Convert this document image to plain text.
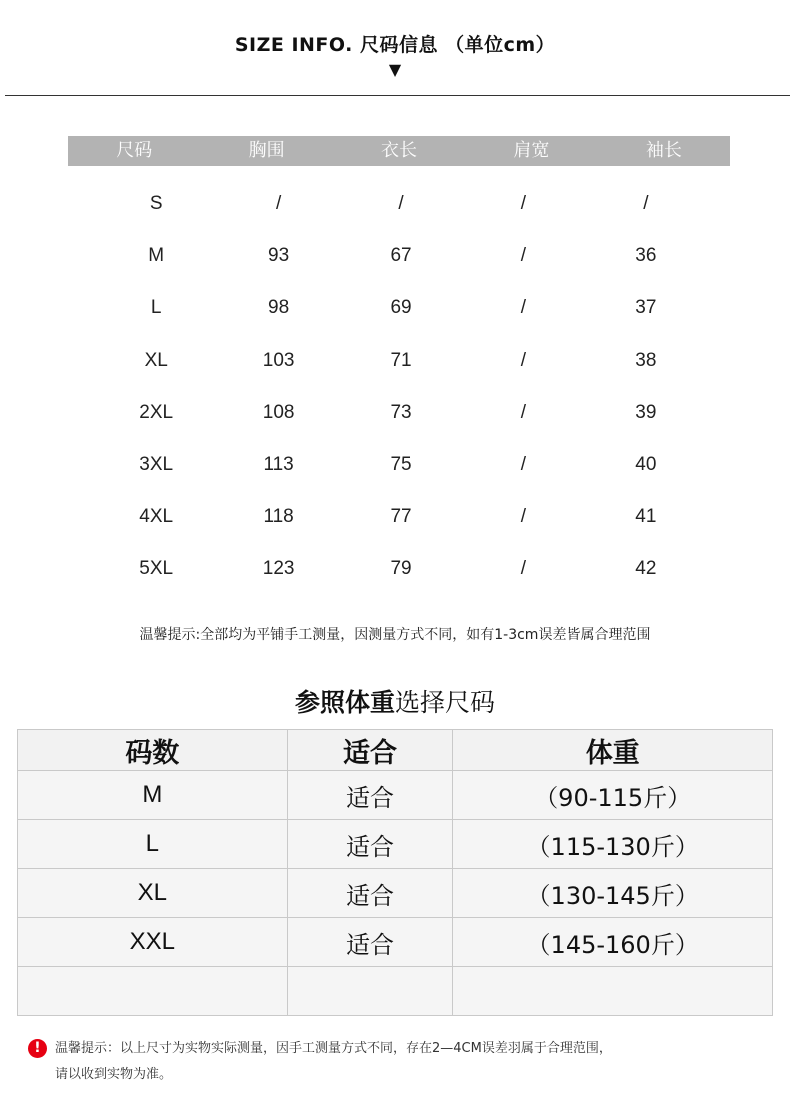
SIZE INFO. 尺码信息 （单位cm）
▼
尺码	胸围	衣长	肩宽	袖长
S	/	/	/	/
M	93	67	/	36
L	98	69	/	37
XL	103	71	/	38
2XL	108	73	/	39
3XL	113	75	/	40
4XL	118	77	/	41
5XL	123	79	/	42
温馨提示:全部均为平铺手工测量，因测量方式不同，如有1-3cm误差皆属合理范围
参照体重选择尺码
码数	适合	体重
M	适合	（90-115斤）
L	适合	（115-130斤）
XL	适合	（130-145斤）
XXL	适合	（145-160斤）

! 温馨提示：以上尺寸为实物实际测量，因手工测量方式不同，存在2—4CM误差羽属于合理范围，
请以收到实物为准。
